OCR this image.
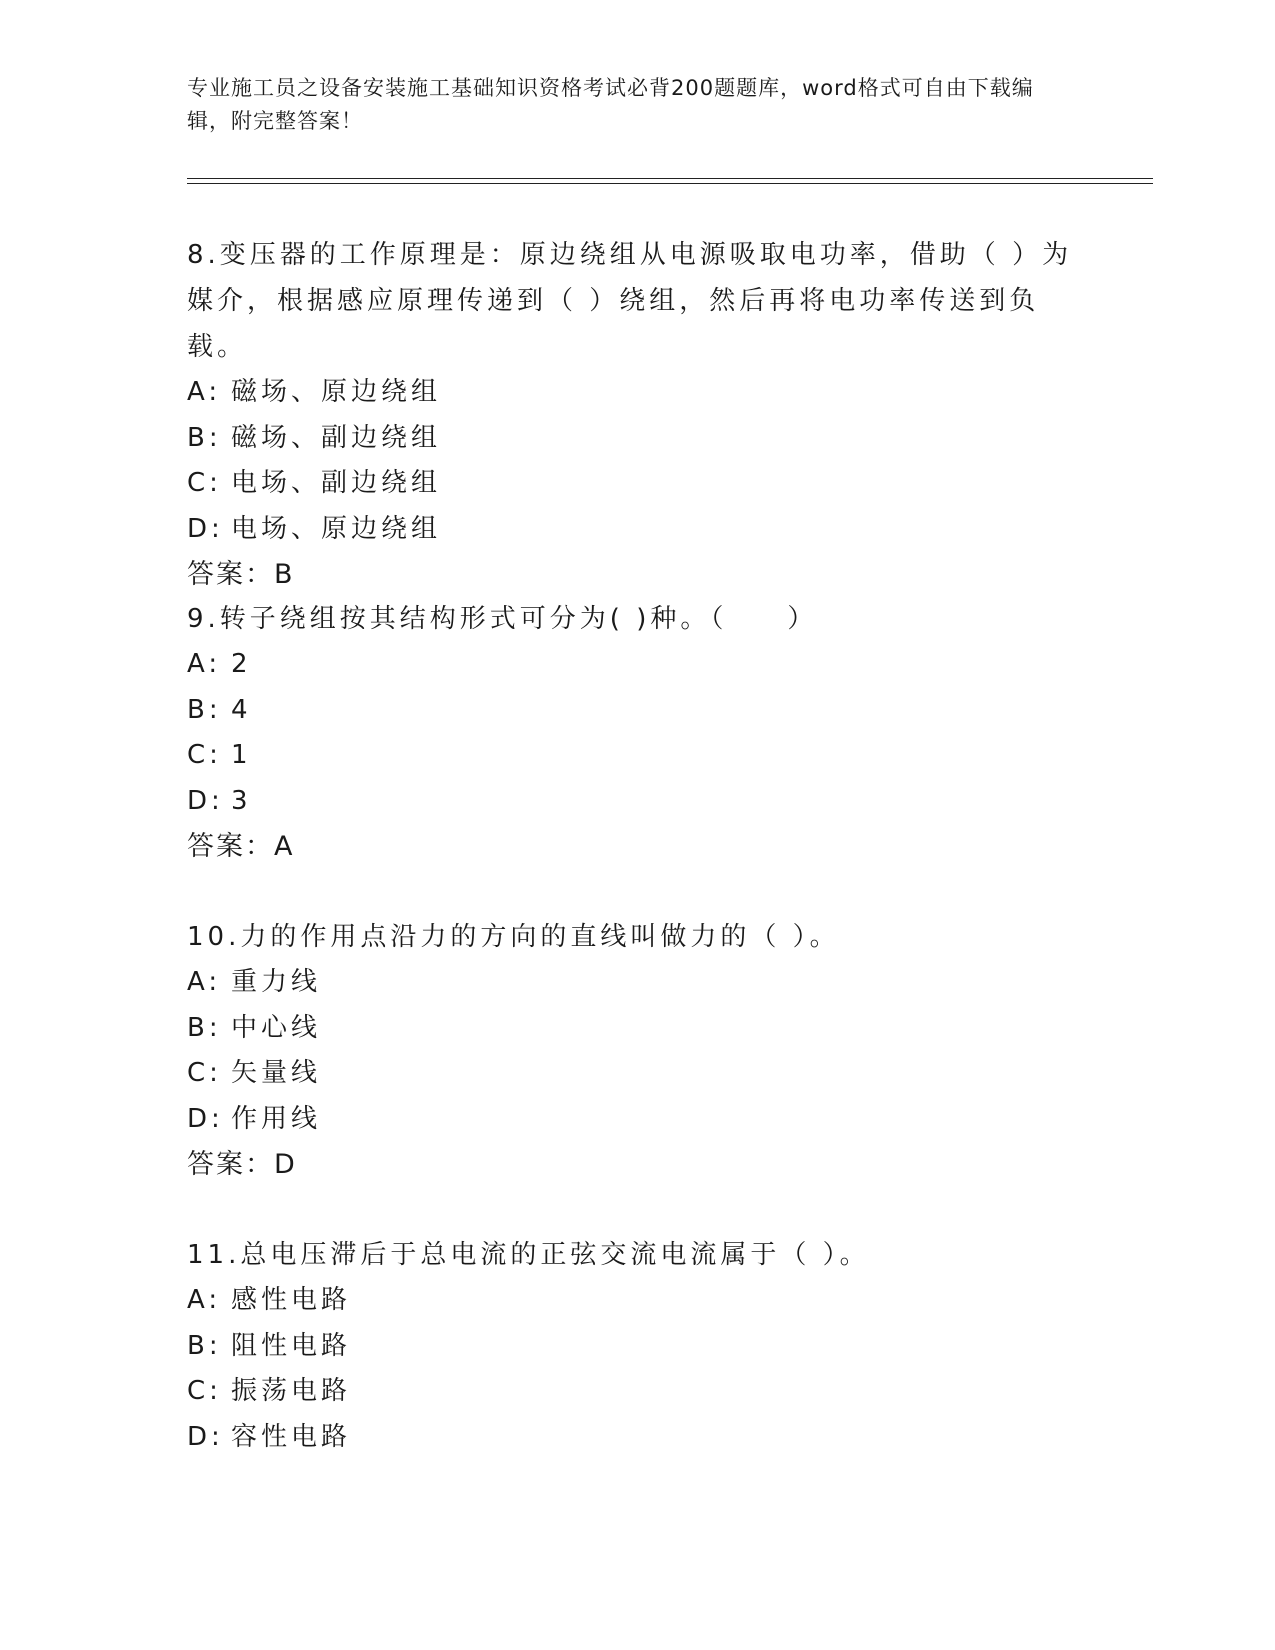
专业施工员之设备安装施工基础知识资格考试必背200题题库，word格式可自由下载编辑，附完整答案！

8.变压器的工作原理是：原边绕组从电源吸取电功率，借助（ ）为媒介，根据感应原理传递到（ ）绕组，然后再将电功率传送到负载。

A: 磁场、原边绕组
B: 磁场、副边绕组
C: 电场、副边绕组
D: 电场、原边绕组
答案：B

9.转子绕组按其结构形式可分为( )种。（　　）

A: 2
B: 4
C: 1
D: 3
答案：A

10.力的作用点沿力的方向的直线叫做力的（ ）。

A: 重力线
B: 中心线
C: 矢量线
D: 作用线
答案：D

11.总电压滞后于总电流的正弦交流电流属于（ ）。

A: 感性电路
B: 阻性电路
C: 振荡电路
D: 容性电路
